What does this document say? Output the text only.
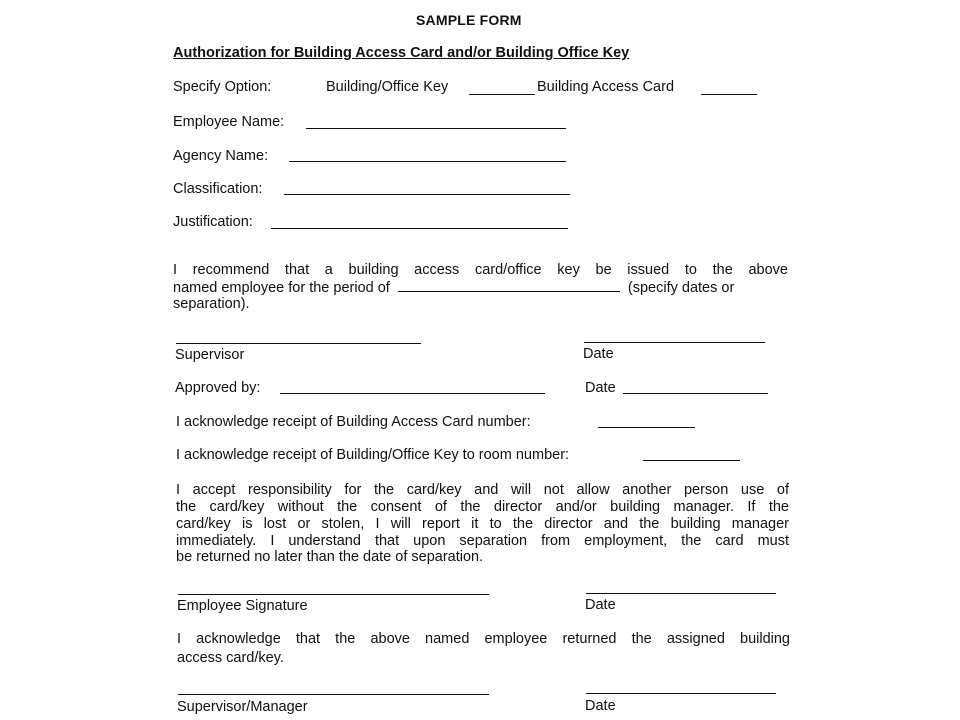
SAMPLE FORM
Authorization for Building Access Card and/or Building Office Key
Specify Option:	Building/Office Key	Building Access Card
Employee Name:
Agency Name:
Classification:
Justification:
I recommend that a building access card/office key be issued to the above
named employee for the period of	(specify dates or
separation).
Supervisor	Date
Approved by:	Date
I acknowledge receipt of Building Access Card number:
I acknowledge receipt of Building/Office Key to room number:
I accept responsibility for the card/key and will not allow another person use of
the card/key without the consent of the director and/or building manager. If the
card/key is lost or stolen, I will report it to the director and the building manager
immediately. I understand that upon separation from employment, the card must
be returned no later than the date of separation.
Employee Signature	Date
I acknowledge that the above named employee returned the assigned building
access card/key.
Supervisor/Manager	Date
